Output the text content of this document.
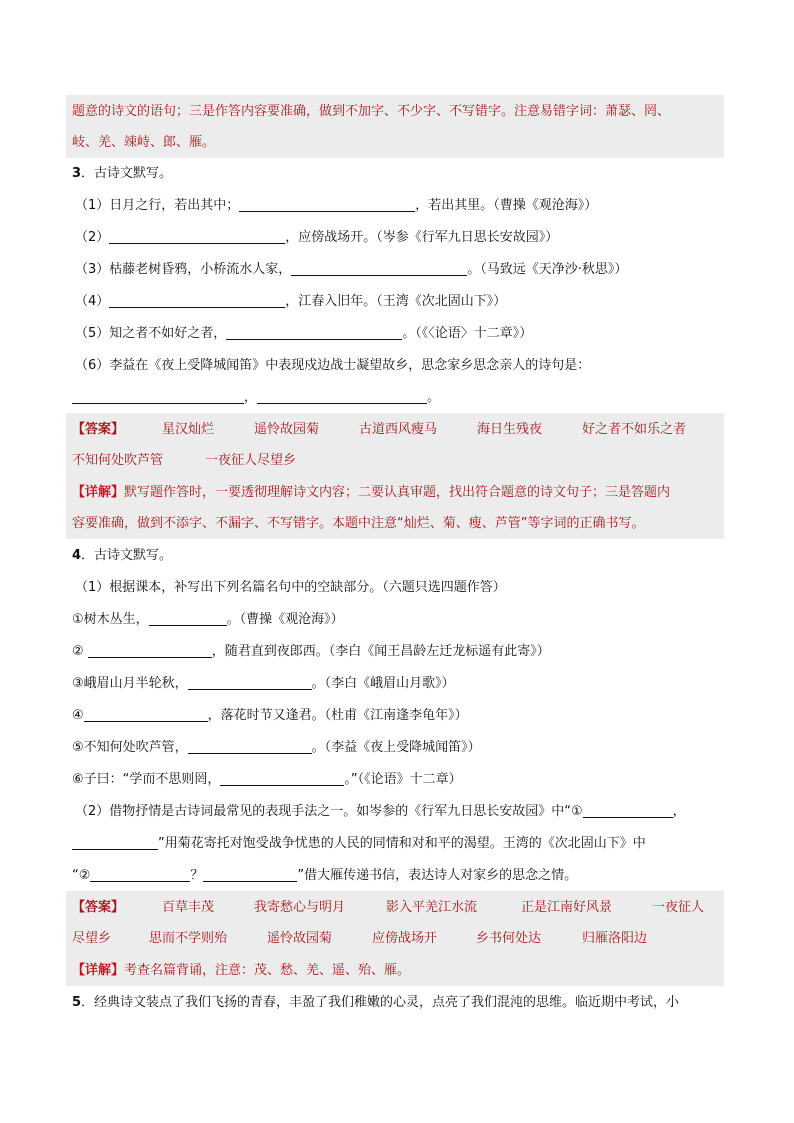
题意的诗文的语句；三是作答内容要准确，做到不加字、不少字、不写错字。注意易错字词：萧瑟、罔、
岐、羌、竦峙、郎、雁。
3．古诗文默写。
（1）日月之行，若出其中；	，若出其里。（曹操《观沧海》）
（2）	，应傍战场开。（岑参《行军九日思长安故园》）
（3）枯藤老树昏鸦，小桥流水人家，	。（马致远《天净沙·秋思》）
（4）	，江春入旧年。（王湾《次北固山下》）
（5）知之者不如好之者，	。（《〈论语〉十二章》）
（6）李益在《夜上受降城闻笛》中表现戍边战士凝望故乡，思念家乡思念亲人的诗句是：
，	。
【答案】	星汉灿烂	遥怜故园菊	古道西风瘦马	海日生残夜	好之者不如乐之者
不知何处吹芦管	一夜征人尽望乡
【详解】默写题作答时，一要透彻理解诗文内容；二要认真审题，找出符合题意的诗文句子；三是答题内
容要准确，做到不添字、不漏字、不写错字。本题中注意“灿烂、菊、瘦、芦管”等字词的正确书写。
4．古诗文默写。
（1）根据课本，补写出下列名篇名句中的空缺部分。（六题只选四题作答）
①树木丛生，	。（曹操《观沧海》）
②	，随君直到夜郎西。（李白《闻王昌龄左迁龙标遥有此寄》）
③峨眉山月半轮秋，	。（李白《峨眉山月歌》）
④	，落花时节又逢君。（杜甫《江南逢李龟年》）
⑤不知何处吹芦管，	。（李益《夜上受降城闻笛》）
⑥子曰：“学而不思则罔，	。”（《论语》十二章）
（2）借物抒情是古诗词最常见的表现手法之一。如岑参的《行军九日思长安故园》中“①	，
”用菊花寄托对饱受战争忧患的人民的同情和对和平的渴望。王湾的《次北固山下》中
“②	？	”借大雁传递书信，表达诗人对家乡的思念之情。
【答案】	百草丰茂	我寄愁心与明月	影入平羌江水流	正是江南好风景	一夜征人
尽望乡	思而不学则殆	遥怜故园菊	应傍战场开	乡书何处达	归雁洛阳边
【详解】考查名篇背诵，注意：茂、愁、羌、遥、殆、雁。
5．经典诗文装点了我们飞扬的青春，丰盈了我们稚嫩的心灵，点亮了我们混沌的思维。临近期中考试，小
